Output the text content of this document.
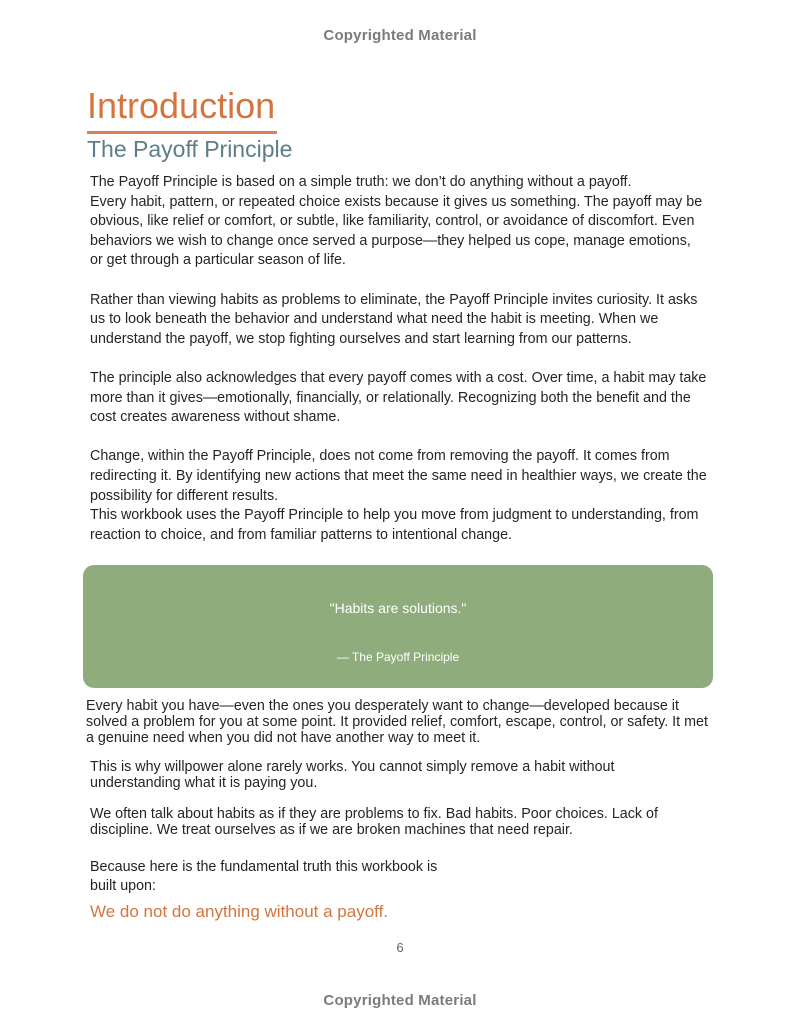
Copyrighted Material
Introduction
The Payoff Principle

The Payoff Principle is based on a simple truth: we don’t do anything without a payoff.
Every habit, pattern, or repeated choice exists because it gives us something. The payoff may be
obvious, like relief or comfort, or subtle, like familiarity, control, or avoidance of discomfort. Even
behaviors we wish to change once served a purpose—they helped us cope, manage emotions,
or get through a particular season of life.

Rather than viewing habits as problems to eliminate, the Payoff Principle invites curiosity. It asks
us to look beneath the behavior and understand what need the habit is meeting. When we
understand the payoff, we stop fighting ourselves and start learning from our patterns.

The principle also acknowledges that every payoff comes with a cost. Over time, a habit may take
more than it gives—emotionally, financially, or relationally. Recognizing both the benefit and the
cost creates awareness without shame.

Change, within the Payoff Principle, does not come from removing the payoff. It comes from
redirecting it. By identifying new actions that meet the same need in healthier ways, we create the
possibility for different results.
This workbook uses the Payoff Principle to help you move from judgment to understanding, from
reaction to choice, and from familiar patterns to intentional change.

"Habits are solutions."
— The Payoff Principle

Every habit you have—even the ones you desperately want to change—developed because it
solved a problem for you at some point. It provided relief, comfort, escape, control, or safety. It met
a genuine need when you did not have another way to meet it.

This is why willpower alone rarely works. You cannot simply remove a habit without
understanding what it is paying you.

We often talk about habits as if they are problems to fix. Bad habits. Poor choices. Lack of
discipline. We treat ourselves as if we are broken machines that need repair.

Because here is the fundamental truth this workbook is
built upon:

We do not do anything without a payoff.

6
Copyrighted Material
